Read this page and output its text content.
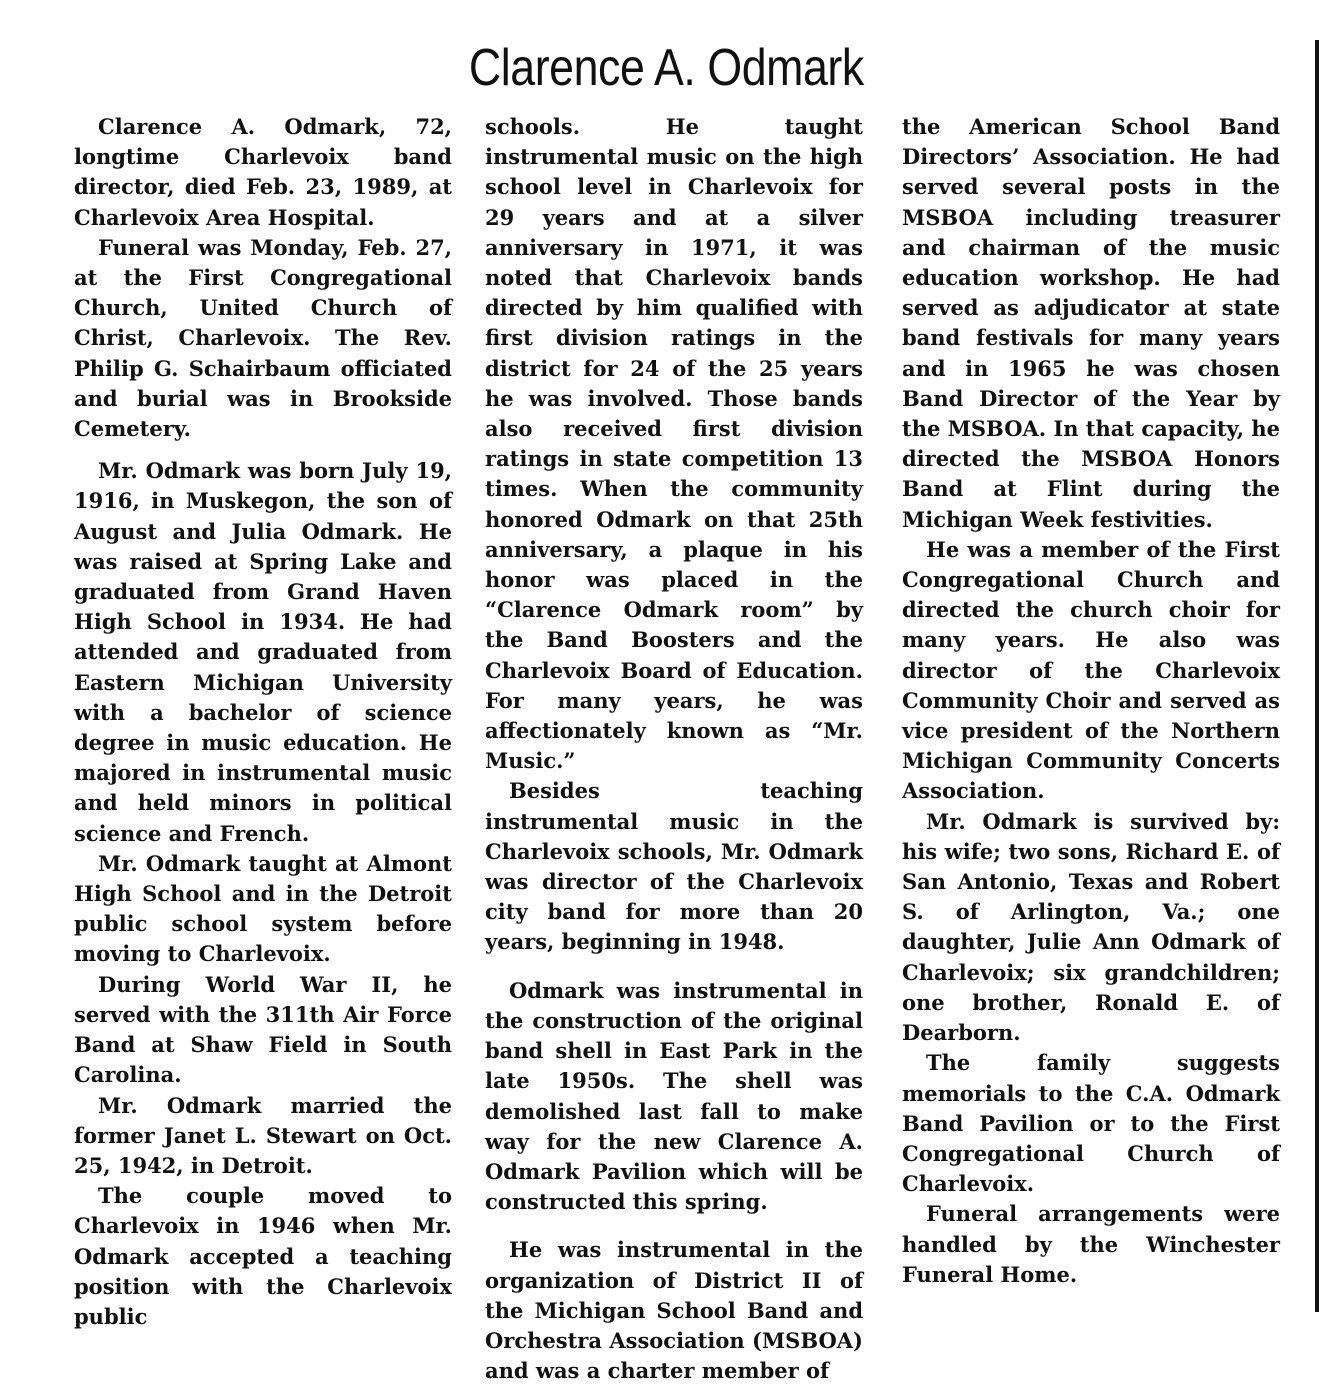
Clarence A. Odmark

Clarence A. Odmark, 72, longtime Charlevoix band director, died Feb. 23, 1989, at Charlevoix Area Hospital.

Funeral was Monday, Feb. 27, at the First Congregational Church, United Church of Christ, Charlevoix. The Rev. Philip G. Schairbaum officiated and burial was in Brookside Cemetery.

Mr. Odmark was born July 19, 1916, in Muskegon, the son of August and Julia Odmark. He was raised at Spring Lake and graduated from Grand Haven High School in 1934. He had attended and graduated from Eastern Michigan University with a bachelor of science degree in music education. He majored in instrumental music and held minors in political science and French.

Mr. Odmark taught at Almont High School and in the Detroit public school system before moving to Charlevoix.

During World War II, he served with the 311th Air Force Band at Shaw Field in South Carolina.

Mr. Odmark married the former Janet L. Stewart on Oct. 25, 1942, in Detroit.

The couple moved to Charlevoix in 1946 when Mr. Odmark accepted a teaching position with the Charlevoix public

schools. He taught instrumental music on the high school level in Charlevoix for 29 years and at a silver anniversary in 1971, it was noted that Charlevoix bands directed by him qualified with first division ratings in the district for 24 of the 25 years he was involved. Those bands also received first division ratings in state competition 13 times. When the community honored Odmark on that 25th anniversary, a plaque in his honor was placed in the “Clarence Odmark room” by the Band Boosters and the Charlevoix Board of Education. For many years, he was affectionately known as “Mr. Music.”

Besides teaching instrumental music in the Charlevoix schools, Mr. Odmark was director of the Charlevoix city band for more than 20 years, beginning in 1948.

Odmark was instrumental in the construction of the original band shell in East Park in the late 1950s. The shell was demolished last fall to make way for the new Clarence A. Odmark Pavilion which will be constructed this spring.

He was instrumental in the organization of District II of the Michigan School Band and Orchestra Association (MSBOA) and was a charter member of

the American School Band Directors’ Association. He had served several posts in the MSBOA including treasurer and chairman of the music education workshop. He had served as adjudicator at state band festivals for many years and in 1965 he was chosen Band Director of the Year by the MSBOA. In that capacity, he directed the MSBOA Honors Band at Flint during the Michigan Week festivities.

He was a member of the First Congregational Church and directed the church choir for many years. He also was director of the Charlevoix Community Choir and served as vice president of the Northern Michigan Community Concerts Association.

Mr. Odmark is survived by: his wife; two sons, Richard E. of San Antonio, Texas and Robert S. of Arlington, Va.; one daughter, Julie Ann Odmark of Charlevoix; six grandchildren; one brother, Ronald E. of Dearborn.

The family suggests memorials to the C.A. Odmark Band Pavilion or to the First Congregational Church of Charlevoix.

Funeral arrangements were handled by the Winchester Funeral Home.
